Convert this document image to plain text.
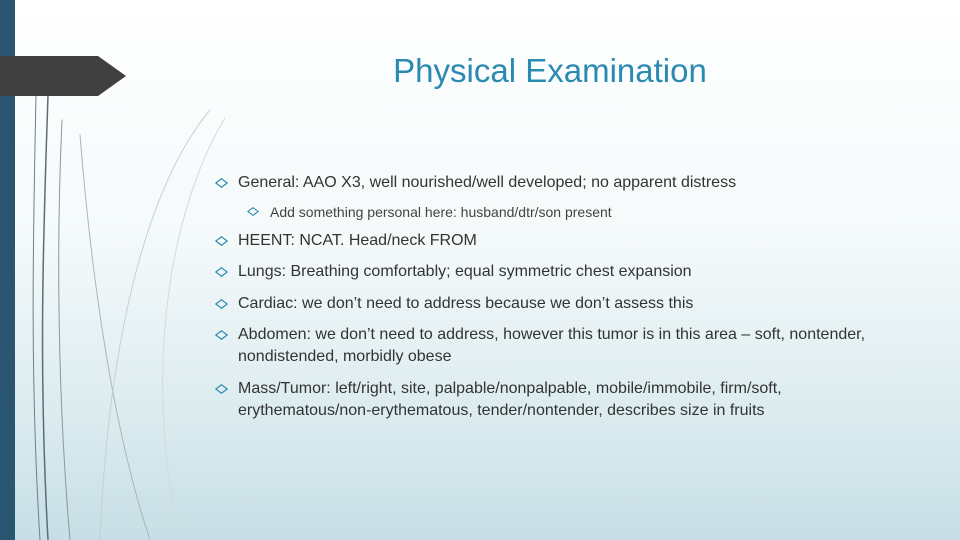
Physical Examination
General: AAO X3, well nourished/well developed; no apparent distress
Add something personal here: husband/dtr/son present
HEENT: NCAT. Head/neck FROM
Lungs: Breathing comfortably; equal symmetric chest expansion
Cardiac: we don’t need to address because we don’t assess this
Abdomen: we don’t need to address, however this tumor is in this area – soft, nontender, nondistended, morbidly obese
Mass/Tumor: left/right, site, palpable/nonpalpable, mobile/immobile, firm/soft, erythematous/non-erythematous, tender/nontender, describes size in fruits
